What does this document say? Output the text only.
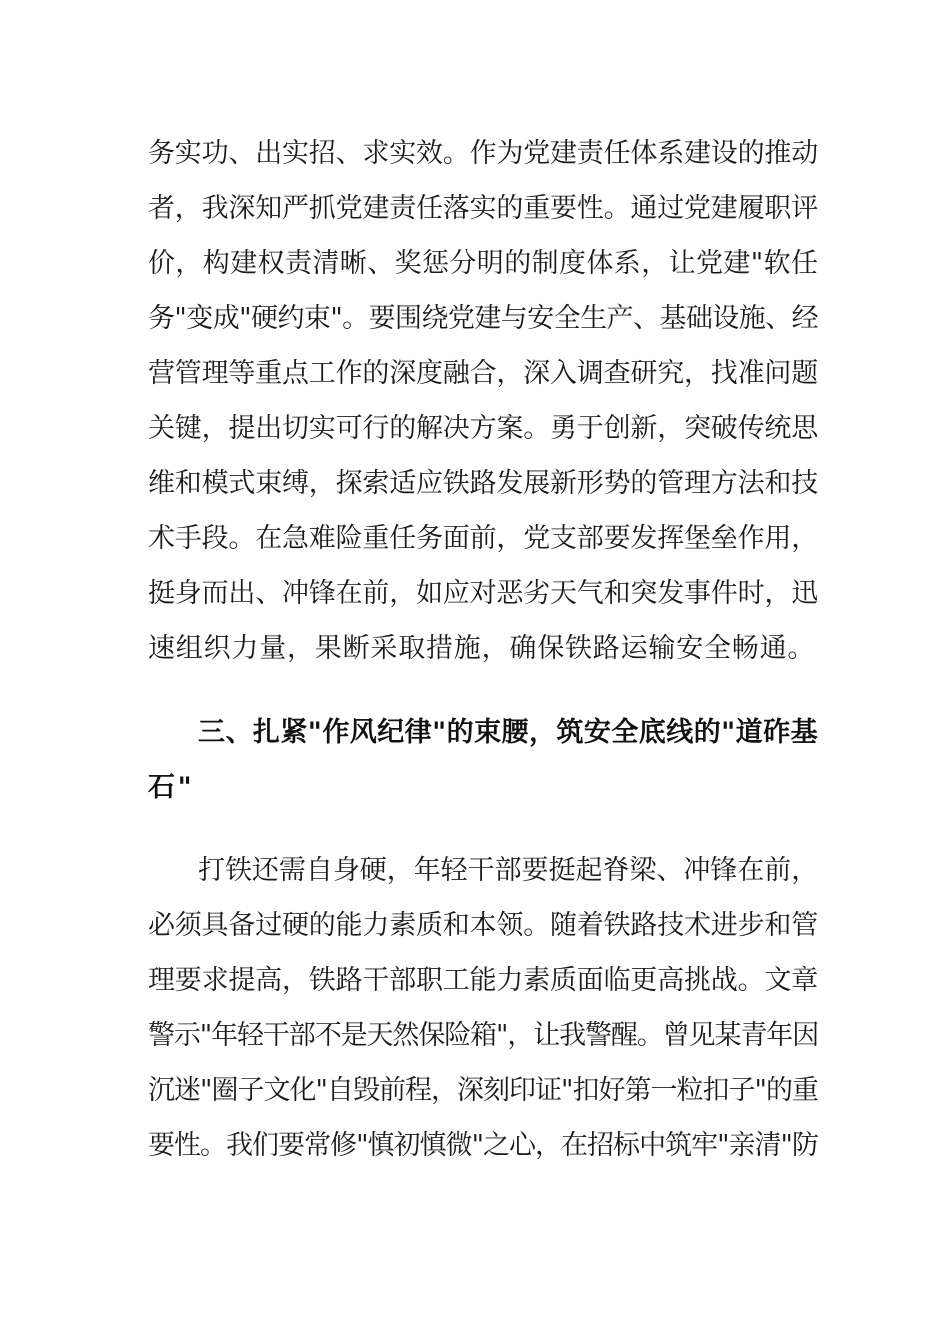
务实功、出实招、求实效。作为党建责任体系建设的推动
者，我深知严抓党建责任落实的重要性。通过党建履职评
价，构建权责清晰、奖惩分明的制度体系，让党建"软任
务"变成"硬约束"。要围绕党建与安全生产、基础设施、经
营管理等重点工作的深度融合，深入调查研究，找准问题
关键，提出切实可行的解决方案。勇于创新，突破传统思
维和模式束缚，探索适应铁路发展新形势的管理方法和技
术手段。在急难险重任务面前，党支部要发挥堡垒作用，
挺身而出、冲锋在前，如应对恶劣天气和突发事件时，迅
速组织力量，果断采取措施，确保铁路运输安全畅通。
三、扎紧"作风纪律"的束腰，筑安全底线的"道砟基
石"
打铁还需自身硬，年轻干部要挺起脊梁、冲锋在前，
必须具备过硬的能力素质和本领。随着铁路技术进步和管
理要求提高，铁路干部职工能力素质面临更高挑战。文章
警示"年轻干部不是天然保险箱"，让我警醒。曾见某青年因
沉迷"圈子文化"自毁前程，深刻印证"扣好第一粒扣子"的重
要性。我们要常修"慎初慎微"之心，在招标中筑牢"亲清"防
